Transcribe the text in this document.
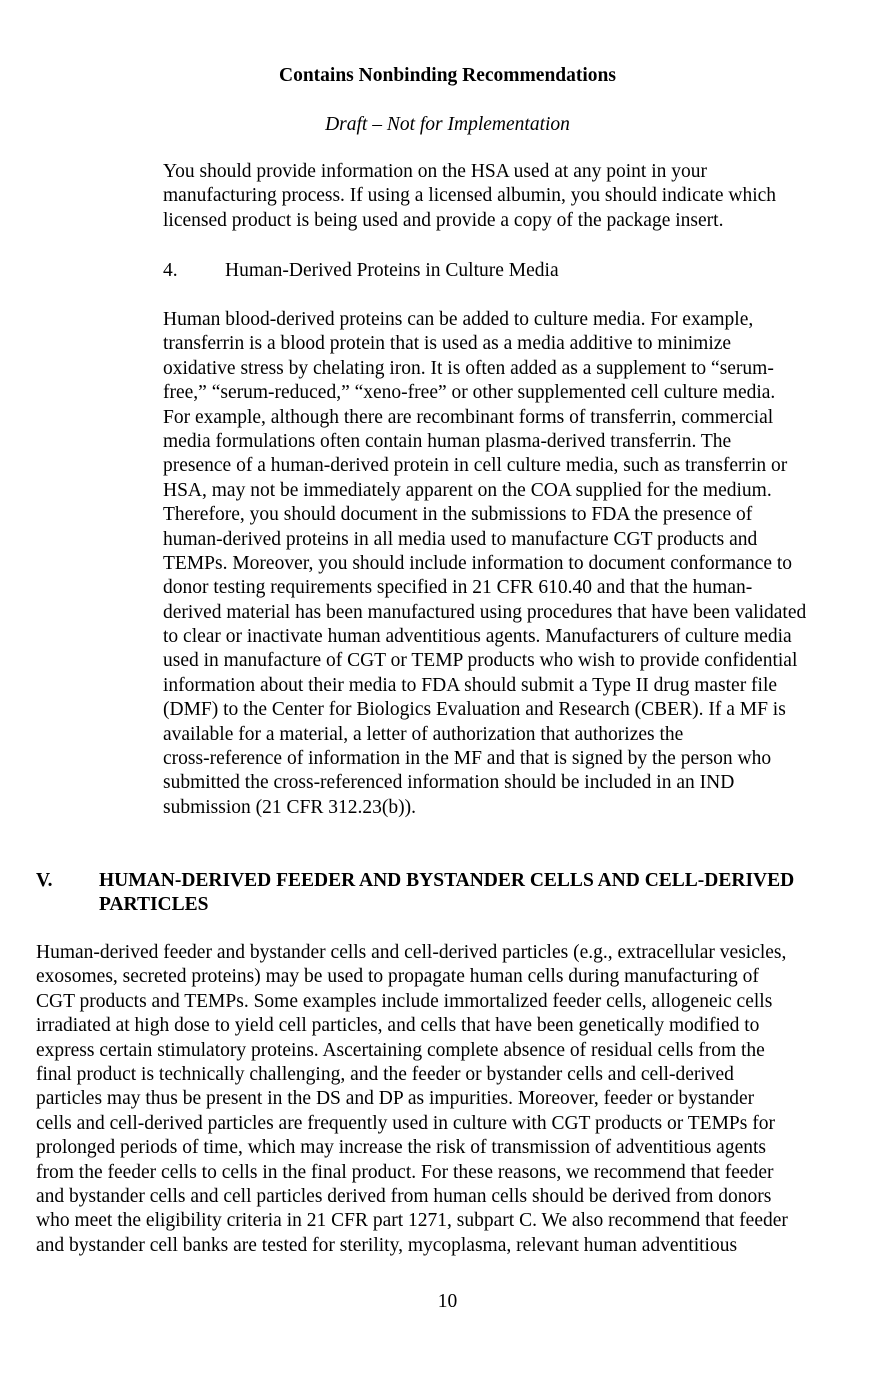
Contains Nonbinding Recommendations
Draft – Not for Implementation
You should provide information on the HSA used at any point in your
manufacturing process. If using a licensed albumin, you should indicate which
licensed product is being used and provide a copy of the package insert.
4. Human-Derived Proteins in Culture Media
Human blood-derived proteins can be added to culture media. For example,
transferrin is a blood protein that is used as a media additive to minimize
oxidative stress by chelating iron. It is often added as a supplement to “serum-
free,” “serum-reduced,” “xeno-free” or other supplemented cell culture media.
For example, although there are recombinant forms of transferrin, commercial
media formulations often contain human plasma-derived transferrin. The
presence of a human-derived protein in cell culture media, such as transferrin or
HSA, may not be immediately apparent on the COA supplied for the medium.
Therefore, you should document in the submissions to FDA the presence of
human-derived proteins in all media used to manufacture CGT products and
TEMPs. Moreover, you should include information to document conformance to
donor testing requirements specified in 21 CFR 610.40 and that the human-
derived material has been manufactured using procedures that have been validated
to clear or inactivate human adventitious agents. Manufacturers of culture media
used in manufacture of CGT or TEMP products who wish to provide confidential
information about their media to FDA should submit a Type II drug master file
(DMF) to the Center for Biologics Evaluation and Research (CBER). If a MF is
available for a material, a letter of authorization that authorizes the
cross-reference of information in the MF and that is signed by the person who
submitted the cross-referenced information should be included in an IND
submission (21 CFR 312.23(b)).
V. HUMAN-DERIVED FEEDER AND BYSTANDER CELLS AND CELL-DERIVED
PARTICLES
Human-derived feeder and bystander cells and cell-derived particles (e.g., extracellular vesicles,
exosomes, secreted proteins) may be used to propagate human cells during manufacturing of
CGT products and TEMPs. Some examples include immortalized feeder cells, allogeneic cells
irradiated at high dose to yield cell particles, and cells that have been genetically modified to
express certain stimulatory proteins. Ascertaining complete absence of residual cells from the
final product is technically challenging, and the feeder or bystander cells and cell-derived
particles may thus be present in the DS and DP as impurities. Moreover, feeder or bystander
cells and cell-derived particles are frequently used in culture with CGT products or TEMPs for
prolonged periods of time, which may increase the risk of transmission of adventitious agents
from the feeder cells to cells in the final product. For these reasons, we recommend that feeder
and bystander cells and cell particles derived from human cells should be derived from donors
who meet the eligibility criteria in 21 CFR part 1271, subpart C. We also recommend that feeder
and bystander cell banks are tested for sterility, mycoplasma, relevant human adventitious
10
